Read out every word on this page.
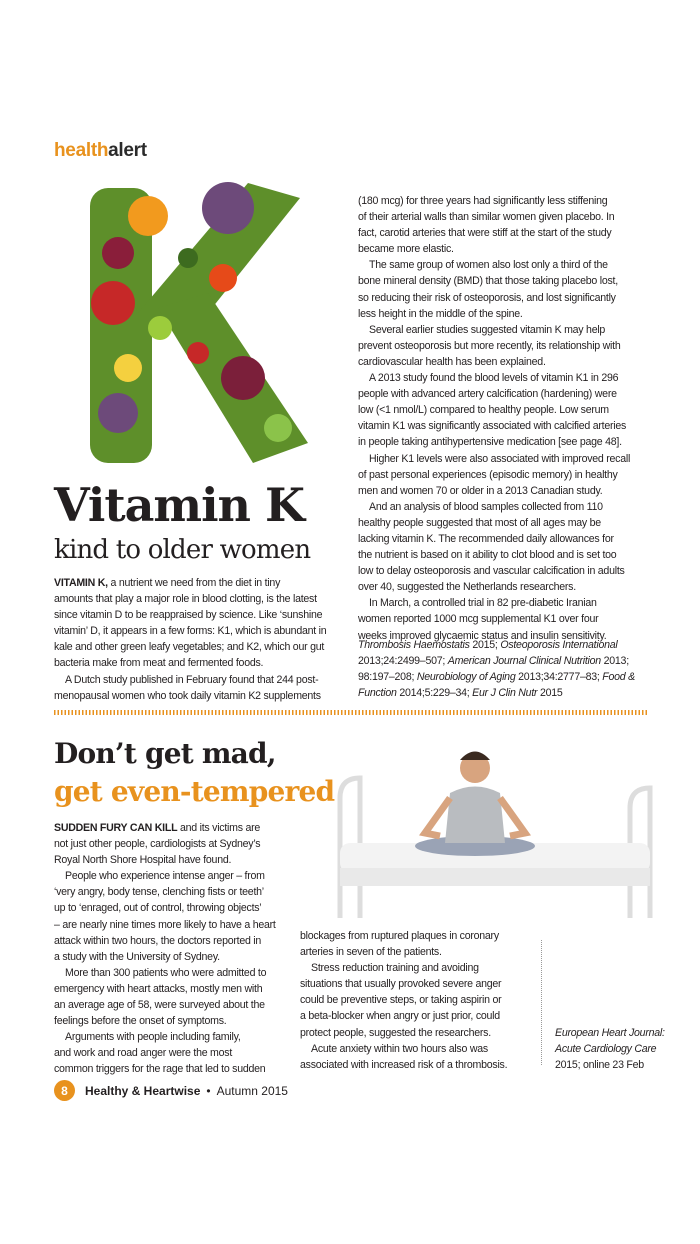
healthalert
Vitamin K
kind to older women
VITAMIN K, a nutrient we need from the diet in tiny
amounts that play a major role in blood clotting, is the latest
since vitamin D to be reappraised by science. Like ‘sunshine
vitamin’ D, it appears in a few forms: K1, which is abundant in
kale and other green leafy vegetables; and K2, which our gut
bacteria make from meat and fermented foods.
A Dutch study published in February found that 244 post-
menopausal women who took daily vitamin K2 supplements
(180 mcg) for three years had significantly less stiffening
of their arterial walls than similar women given placebo. In
fact, carotid arteries that were stiff at the start of the study
became more elastic.
The same group of women also lost only a third of the
bone mineral density (BMD) that those taking placebo lost,
so reducing their risk of osteoporosis, and lost significantly
less height in the middle of the spine.
Several earlier studies suggested vitamin K may help
prevent osteoporosis but more recently, its relationship with
cardiovascular health has been explained.
A 2013 study found the blood levels of vitamin K1 in 296
people with advanced artery calcification (hardening) were
low (<1 nmol/L) compared to healthy people. Low serum
vitamin K1 was significantly associated with calcified arteries
in people taking antihypertensive medication [see page 48].
Higher K1 levels were also associated with improved recall
of past personal experiences (episodic memory) in healthy
men and women 70 or older in a 2013 Canadian study.
And an analysis of blood samples collected from 110
healthy people suggested that most of all ages may be
lacking vitamin K. The recommended daily allowances for
the nutrient is based on it ability to clot blood and is set too
low to delay osteoporosis and vascular calcification in adults
over 40, suggested the Netherlands researchers.
In March, a controlled trial in 82 pre-diabetic Iranian
women reported 1000 mcg supplemental K1 over four
weeks improved glycaemic status and insulin sensitivity.
Thrombosis Haemostatis 2015; Osteoporosis International
2013;24:2499–507; American Journal Clinical Nutrition 2013;
98:197–208; Neurobiology of Aging 2013;34:2777–83; Food &
Function 2014;5:229–34; Eur J Clin Nutr 2015
Don’t get mad,
get even-tempered
SUDDEN FURY CAN KILL and its victims are
not just other people, cardiologists at Sydney’s
Royal North Shore Hospital have found.
People who experience intense anger – from
‘very angry, body tense, clenching fists or teeth’
up to ‘enraged, out of control, throwing objects’
– are nearly nine times more likely to have a heart
attack within two hours, the doctors reported in
a study with the University of Sydney.
More than 300 patients who were admitted to
emergency with heart attacks, mostly men with
an average age of 58, were surveyed about the
feelings before the onset of symptoms.
Arguments with people including family,
and work and road anger were the most
common triggers for the rage that led to sudden
blockages from ruptured plaques in coronary
arteries in seven of the patients.
Stress reduction training and avoiding
situations that usually provoked severe anger
could be preventive steps, or taking aspirin or
a beta-blocker when angry or just prior, could
protect people, suggested the researchers.
Acute anxiety within two hours also was
associated with increased risk of a thrombosis.
European Heart Journal:
Acute Cardiology Care
2015; online 23 Feb
8	Healthy & Heartwise • Autumn 2015
